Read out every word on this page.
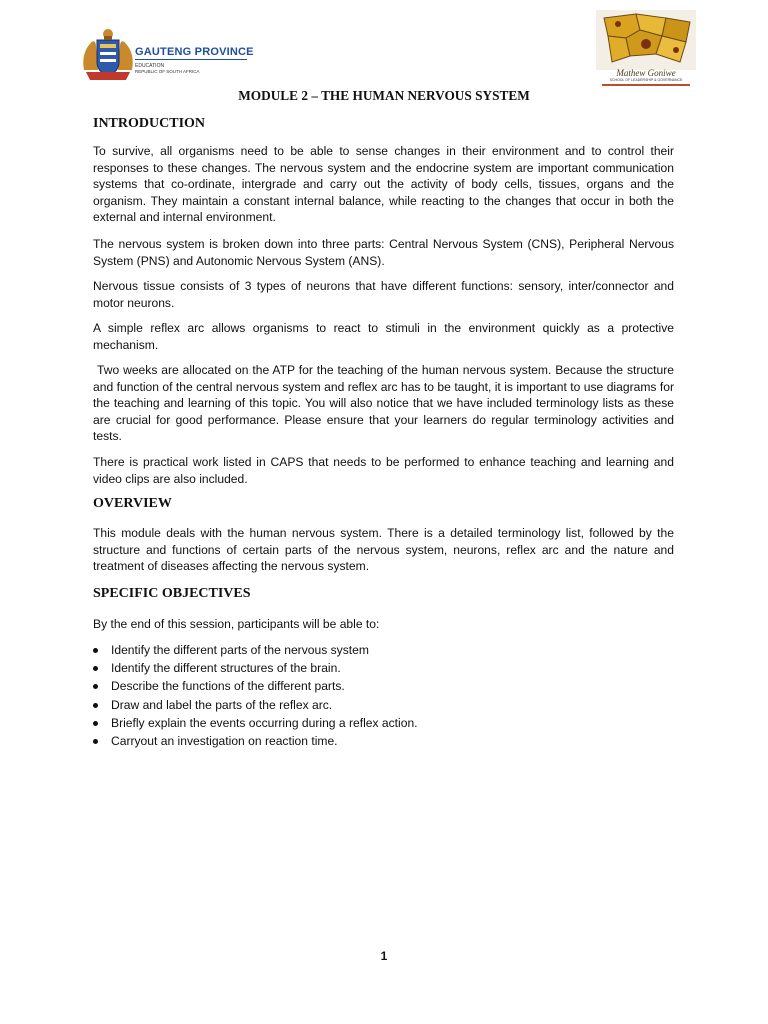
GAUTENG PROVINCE
EDUCATION
REPUBLIC OF SOUTH AFRICA	Mathew Goniwe
SCHOOL OF LEADERSHIP & GOVERNANCE
MODULE 2 – THE HUMAN NERVOUS SYSTEM
INTRODUCTION
To survive, all organisms need to be able to sense changes in their environment and to control their responses to these changes. The nervous system and the endocrine system are important communication systems that co-ordinate, intergrade and carry out the activity of body cells, tissues, organs and the organism. They maintain a constant internal balance, while reacting to the changes that occur in both the external and internal environment.
The nervous system is broken down into three parts: Central Nervous System (CNS), Peripheral Nervous System (PNS) and Autonomic Nervous System (ANS).
Nervous tissue consists of 3 types of neurons that have different functions: sensory, inter/connector and motor neurons.
A simple reflex arc allows organisms to react to stimuli in the environment quickly as a protective mechanism.
Two weeks are allocated on the ATP for the teaching of the human nervous system. Because the structure and function of the central nervous system and reflex arc has to be taught, it is important to use diagrams for the teaching and learning of this topic. You will also notice that we have included terminology lists as these are crucial for good performance. Please ensure that your learners do regular terminology activities and tests.
There is practical work listed in CAPS that needs to be performed to enhance teaching and learning and video clips are also included.
OVERVIEW
This module deals with the human nervous system. There is a detailed terminology list, followed by the structure and functions of certain parts of the nervous system, neurons, reflex arc and the nature and treatment of diseases affecting the nervous system.
SPECIFIC OBJECTIVES
By the end of this session, participants will be able to:
Identify the different parts of the nervous system
Identify the different structures of the brain.
Describe the functions of the different parts.
Draw and label the parts of the reflex arc.
Briefly explain the events occurring during a reflex action.
Carryout an investigation on reaction time.
1
